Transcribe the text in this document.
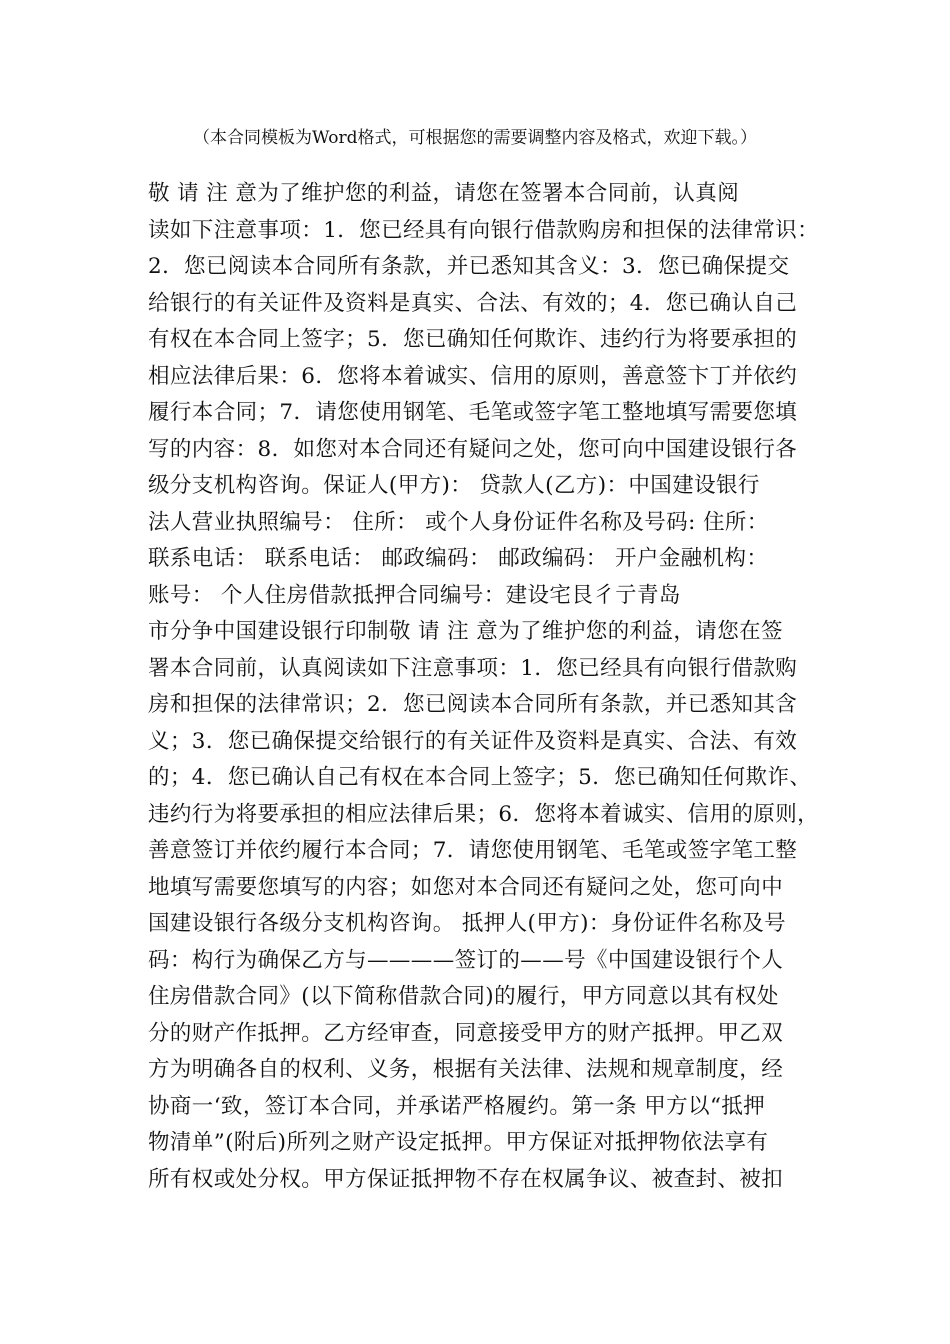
（本合同模板为Word格式，可根据您的需要调整内容及格式，欢迎下载。）
敬 请 注 意为了维护您的利益，请您在签署本合同前，认真阅
读如下注意事项：1．您已经具有向银行借款购房和担保的法律常识：
2．您已阅读本合同所有条款，并已悉知其含义：3．您已确保提交
给银行的有关证件及资料是真实、合法、有效的；4．您已确认自己
有权在本合同上签字；5．您已确知任何欺诈、违约行为将要承担的
相应法律后果：6．您将本着诚实、信用的原则，善意签卞丁并依约
履行本合同；7．请您使用钢笔、毛笔或签字笔工整地填写需要您填
写的内容：8．如您对本合同还有疑问之处，您可向中国建设银行各
级分支机构咨询。保证人(甲方)： 贷款人(乙方)：中国建设银行
法人营业执照编号： 住所： 或个人身份证件名称及号码: 住所：
联系电话： 联系电话： 邮政编码： 邮政编码： 开户金融机构：
账号： 个人住房借款抵押合同编号：建设宅艮彳亍青岛
市分争中国建设银行印制敬 请 注 意为了维护您的利益，请您在签
署本合同前，认真阅读如下注意事项：1．您已经具有向银行借款购
房和担保的法律常识；2．您已阅读本合同所有条款，并已悉知其含
义；3．您已确保提交给银行的有关证件及资料是真实、合法、有效
的；4．您已确认自己有权在本合同上签字；5．您已确知任何欺诈、
违约行为将要承担的相应法律后果；6．您将本着诚实、信用的原则，
善意签订并依约履行本合同；7．请您使用钢笔、毛笔或签字笔工整
地填写需要您填写的内容；如您对本合同还有疑问之处，您可向中
国建设银行各级分支机构咨询。 抵押人(甲方)：身份证件名称及号
码：构行为确保乙方与————签订的——号《中国建设银行个人
住房借款合同》(以下简称借款合同)的履行，甲方同意以其有权处
分的财产作抵押。乙方经审查，同意接受甲方的财产抵押。甲乙双
方为明确各自的权利、义务，根据有关法律、法规和规章制度，经
协商一‘致，签订本合同，并承诺严格履约。第一条 甲方以“抵押
物清单”(附后)所列之财产设定抵押。甲方保证对抵押物依法享有
所有权或处分权。甲方保证抵押物不存在权属争议、被查封、被扣
